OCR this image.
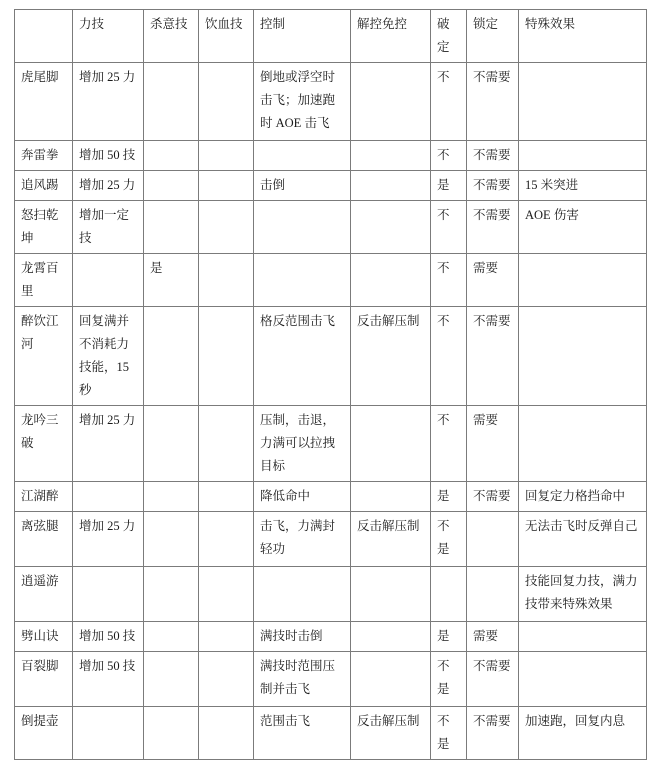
	力技	杀意技	饮血技	控制	解控免控	破定	锁定	特殊效果
虎尾脚	增加 25 力			倒地或浮空时击飞；加速跑时 AOE 击飞		不	不需要	
奔雷拳	增加 50 技					不	不需要	
追风踢	增加 25 力			击倒		是	不需要	15 米突进
怒扫乾坤	增加一定技					不	不需要	AOE 伤害
龙霄百里		是				不	需要	
醉饮江河	回复满并不消耗力技能，15 秒			格反范围击飞	反击解压制	不	不需要	
龙吟三破	增加 25 力			压制，击退，力满可以拉拽目标		不	需要	
江湖醉				降低命中		是	不需要	回复定力格挡命中
离弦腿	增加 25 力			击飞，力满封轻功	反击解压制	不是		无法击飞时反弹自己
逍遥游								技能回复力技，满力技带来特殊效果
劈山诀	增加 50 技			满技时击倒		是	需要	
百裂脚	增加 50 技			满技时范围压制并击飞		不是	不需要	
倒提壶				范围击飞	反击解压制	不是	不需要	加速跑，回复内息
